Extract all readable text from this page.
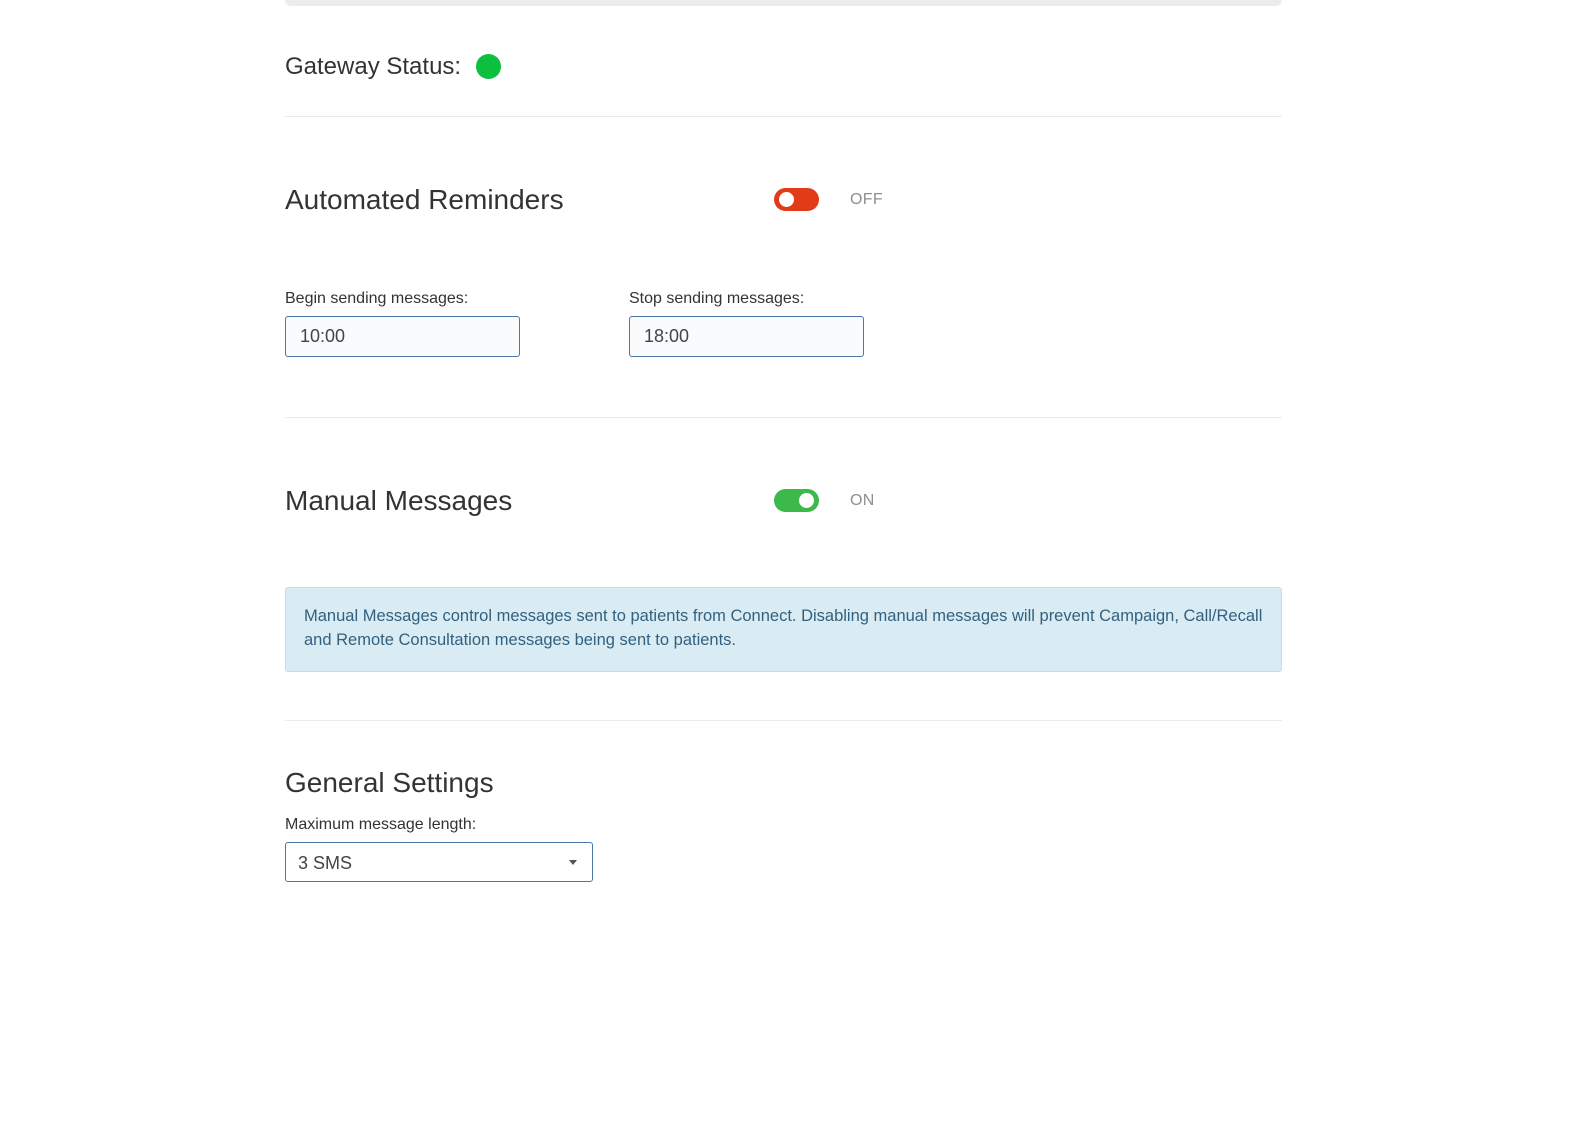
Gateway Status:
Automated Reminders	OFF
Begin sending messages:
10:00	Stop sending messages:
18:00
Manual Messages	ON
Manual Messages control messages sent to patients from Connect. Disabling manual messages will prevent Campaign, Call/Recall and Remote Consultation messages being sent to patients.
General Settings
Maximum message length:
3 SMS
